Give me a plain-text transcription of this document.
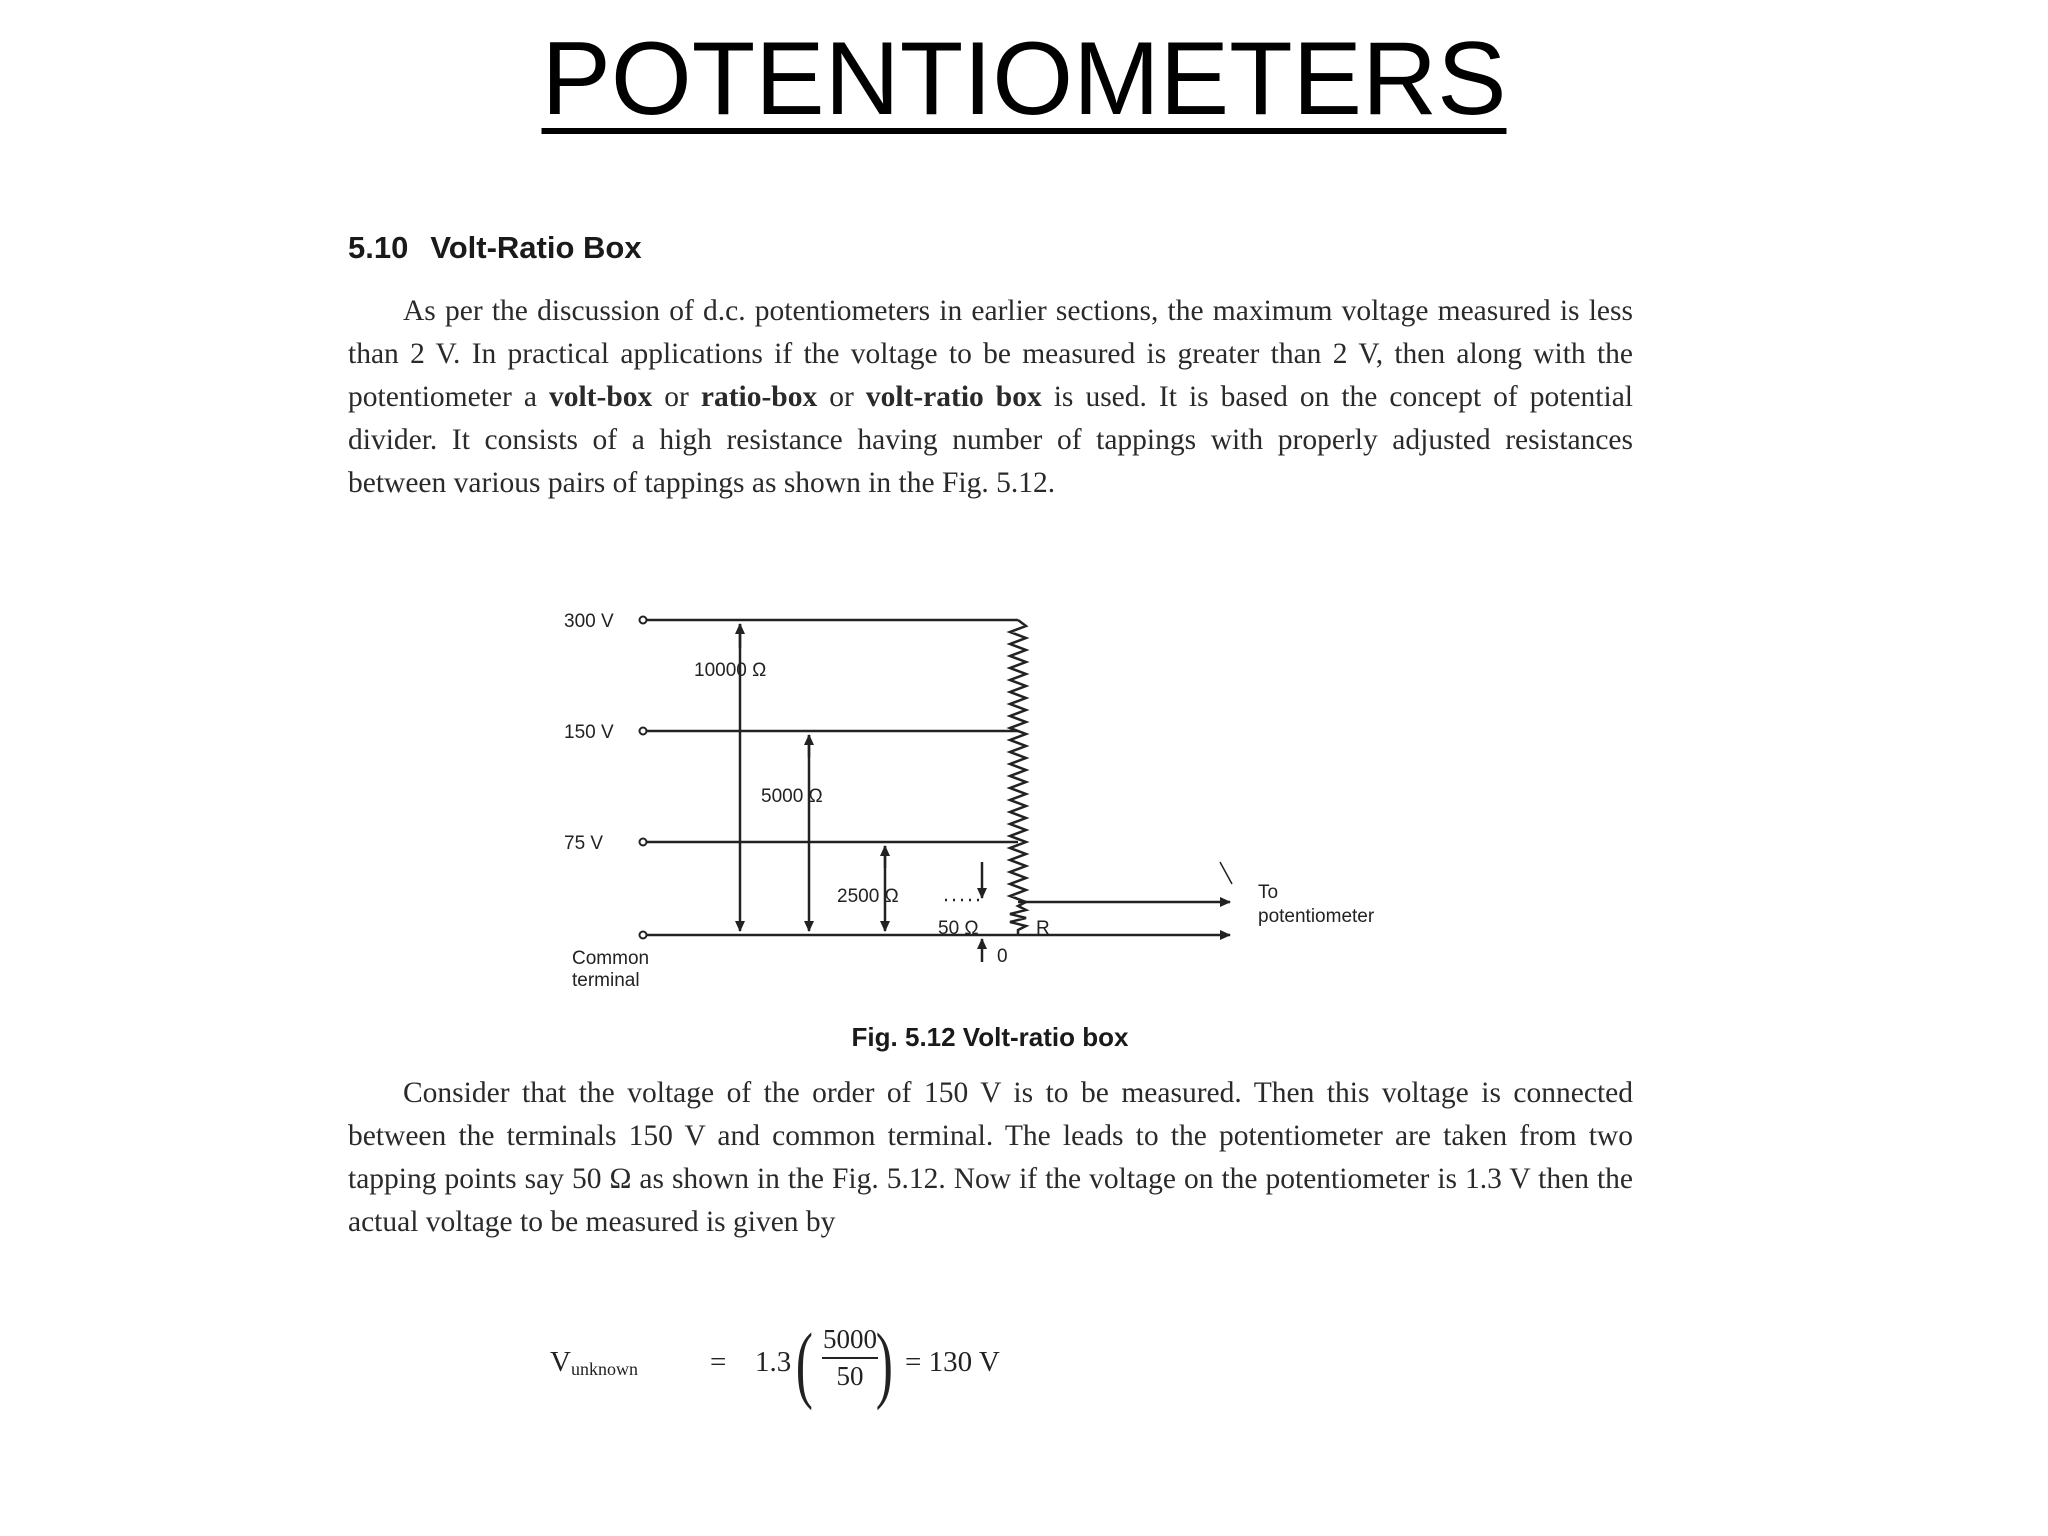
POTENTIOMETERS
5.10 Volt-Ratio Box
As per the discussion of d.c. potentiometers in earlier sections, the maximum voltage measured is less than 2 V. In practical applications if the voltage to be measured is greater than 2 V, then along with the potentiometer a volt-box or ratio-box or volt-ratio box is used. It is based on the concept of potential divider. It consists of a high resistance having number of tappings with properly adjusted resistances between various pairs of tappings as shown in the Fig. 5.12.
300 V
150 V
75 V
Common
terminal
10000 Ω
5000 Ω
2500 Ω
50 Ω	R
0
To
potentiometer
Fig. 5.12 Volt-ratio box
Consider that the voltage of the order of 150 V is to be measured. Then this voltage is connected between the terminals 150 V and common terminal. The leads to the potentiometer are taken from two tapping points say 50 Ω as shown in the Fig. 5.12. Now if the voltage on the potentiometer is 1.3 V then the actual voltage to be measured is given by
$V_{unknown} = 1.3$ ( $\frac{5000}{50}$
) = 130 V
